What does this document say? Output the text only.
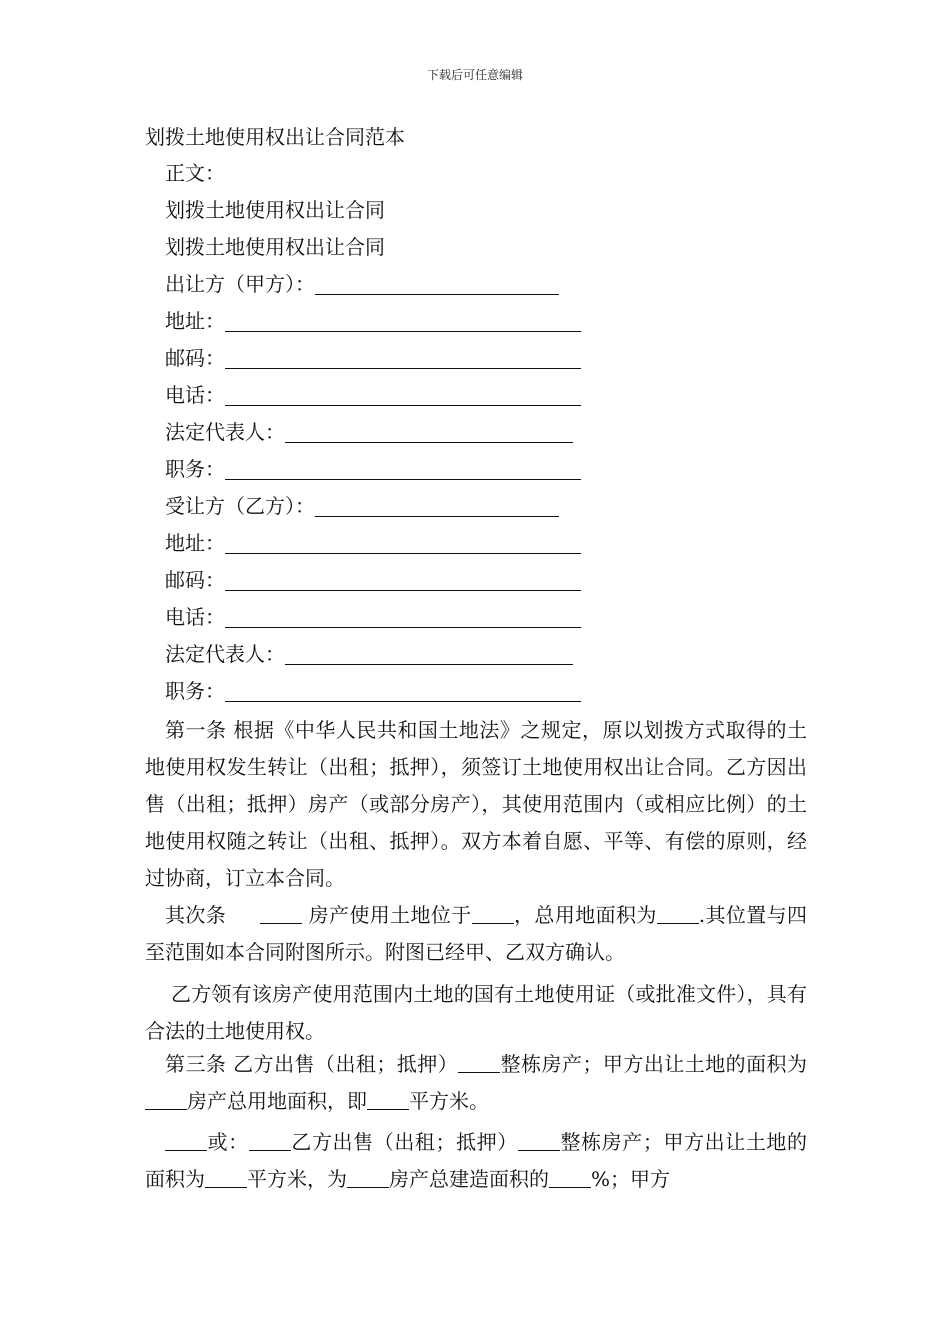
下载后可任意编辑
划拨土地使用权出让合同范本
正文：
划拨土地使用权出让合同
划拨土地使用权出让合同
出让方（甲方）：
地址：
邮码：
电话：
法定代表人：
职务：
受让方（乙方）：
地址：
邮码：
电话：
法定代表人：
职务：
第一条 根据《中华人民共和国土地法》之规定，原以划拨方式取得的土地使用权发生转让（出租；抵押），须签订土地使用权出让合同。乙方因出售（出租；抵押）房产（或部分房产），其使用范围内（或相应比例）的土地使用权随之转让（出租、抵押）。双方本着自愿、平等、有偿的原则，经过协商，订立本合同。
其次条	房产使用土地位于 ，总用地面积为 .其位置与四至范围如本合同附图所示。附图已经甲、乙双方确认。
乙方领有该房产使用范围内土地的国有土地使用证（或批准文件），具有合法的土地使用权。
第三条 乙方出售（出租；抵押） 整栋房产；甲方出让土地的面积为房产总用地面积，即 平方米。
或： 乙方出售（出租；抵押） 整栋房产；甲方出让土地的面积为 平方米，为 房产总建造面积的 %；甲方
